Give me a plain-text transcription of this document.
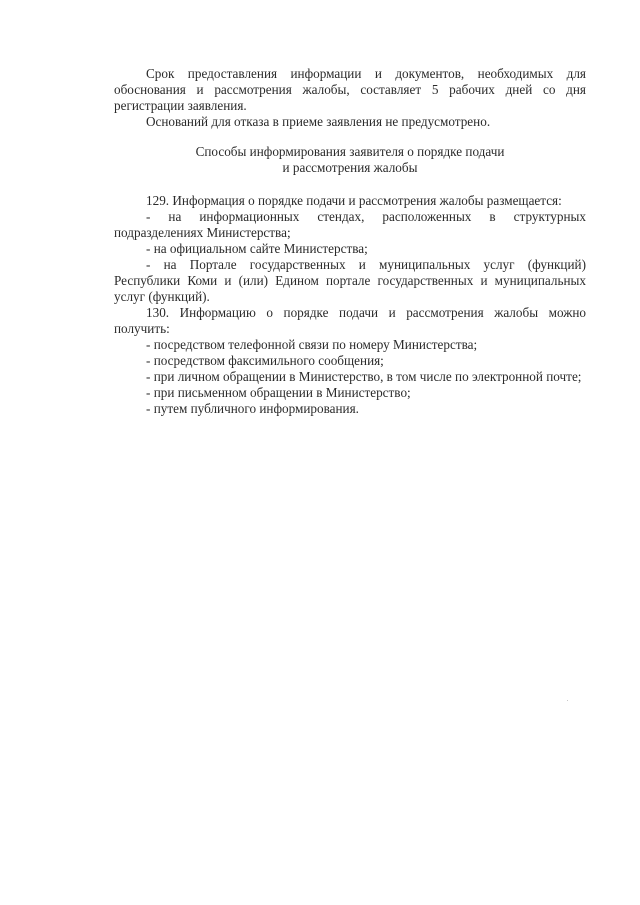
Срок предоставления информации и документов, необходимых для обоснования и рассмотрения жалобы, составляет 5 рабочих дней со дня регистрации заявления.

Оснований для отказа в приеме заявления не предусмотрено.

Способы информирования заявителя о порядке подачи
и рассмотрения жалобы

129. Информация о порядке подачи и рассмотрения жалобы размещается:

- на информационных стендах, расположенных в структурных подразделениях Министерства;

- на официальном сайте Министерства;

- на Портале государственных и муниципальных услуг (функций) Республики Коми и (или) Едином портале государственных и муниципальных услуг (функций).

130. Информацию о порядке подачи и рассмотрения жалобы можно получить:

- посредством телефонной связи по номеру Министерства;

- посредством факсимильного сообщения;

- при личном обращении в Министерство, в том числе по электронной почте;

- при письменном обращении в Министерство;

- путем публичного информирования.
